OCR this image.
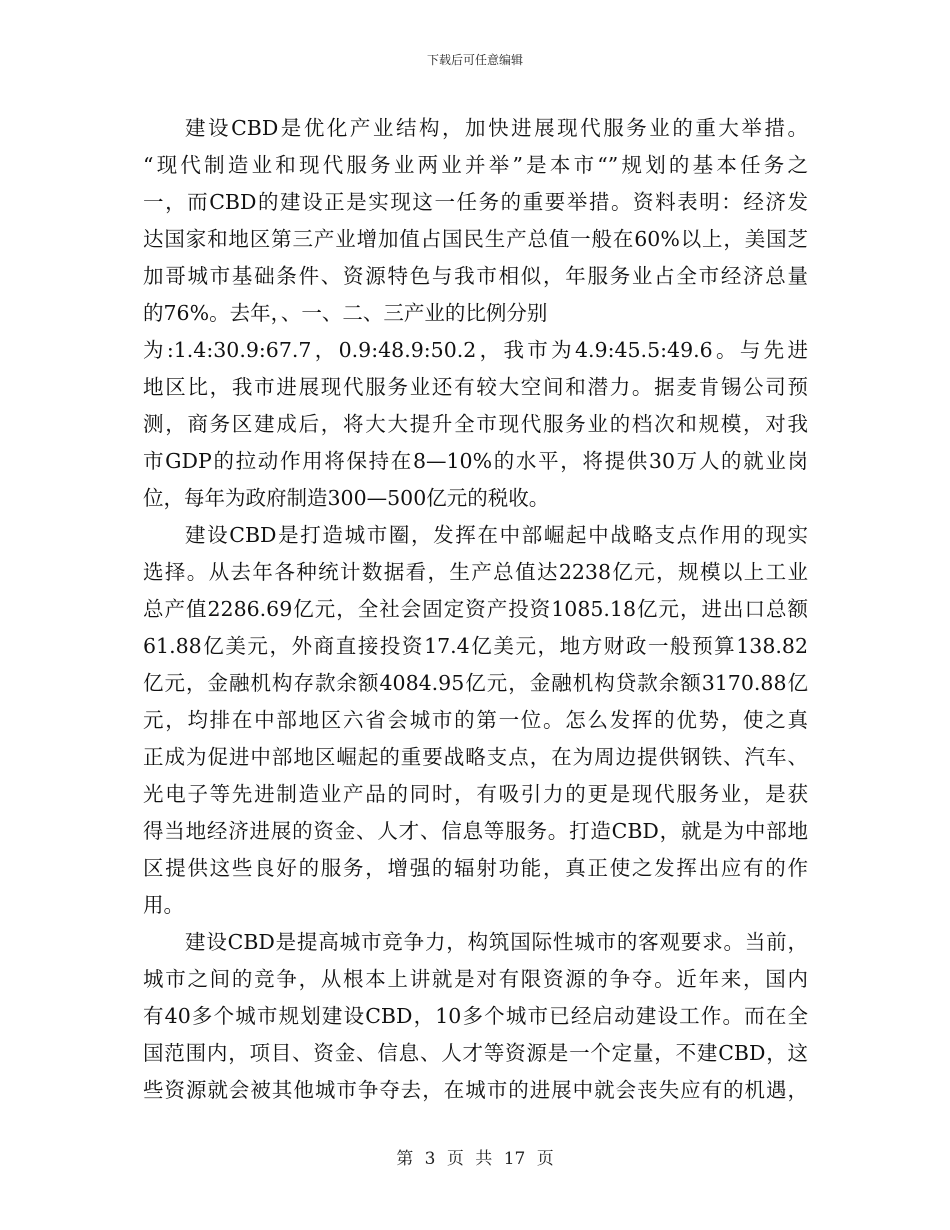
下载后可任意编辑
建设CBD是优化产业结构，加快进展现代服务业的重大举措。
“现代制造业和现代服务业两业并举”是本市“”规划的基本任务之
一，而CBD的建设正是实现这一任务的重要举措。资料表明：经济发
达国家和地区第三产业增加值占国民生产总值一般在60%以上，美国芝
加哥城市基础条件、资源特色与我市相似，年服务业占全市经济总量
的76%。去年，、一、二、三产业的比例分别
为:1.4:30.9:67.7，0.9:48.9:50.2，我市为4.9:45.5:49.6。与先进
地区比，我市进展现代服务业还有较大空间和潜力。据麦肯锡公司预
测，商务区建成后，将大大提升全市现代服务业的档次和规模，对我
市GDP的拉动作用将保持在8—10%的水平，将提供30万人的就业岗
位，每年为政府制造300—500亿元的税收。
建设CBD是打造城市圈，发挥在中部崛起中战略支点作用的现实
选择。从去年各种统计数据看，生产总值达2238亿元，规模以上工业
总产值2286.69亿元，全社会固定资产投资1085.18亿元，进出口总额
61.88亿美元，外商直接投资17.4亿美元，地方财政一般预算138.82
亿元，金融机构存款余额4084.95亿元，金融机构贷款余额3170.88亿
元，均排在中部地区六省会城市的第一位。怎么发挥的优势，使之真
正成为促进中部地区崛起的重要战略支点，在为周边提供钢铁、汽车、
光电子等先进制造业产品的同时，有吸引力的更是现代服务业，是获
得当地经济进展的资金、人才、信息等服务。打造CBD，就是为中部地
区提供这些良好的服务，增强的辐射功能，真正使之发挥出应有的作
用。
建设CBD是提高城市竞争力，构筑国际性城市的客观要求。当前，
城市之间的竞争，从根本上讲就是对有限资源的争夺。近年来，国内
有40多个城市规划建设CBD，10多个城市已经启动建设工作。而在全
国范围内，项目、资金、信息、人才等资源是一个定量，不建CBD，这
些资源就会被其他城市争夺去，在城市的进展中就会丧失应有的机遇，
第 3 页 共 17 页
